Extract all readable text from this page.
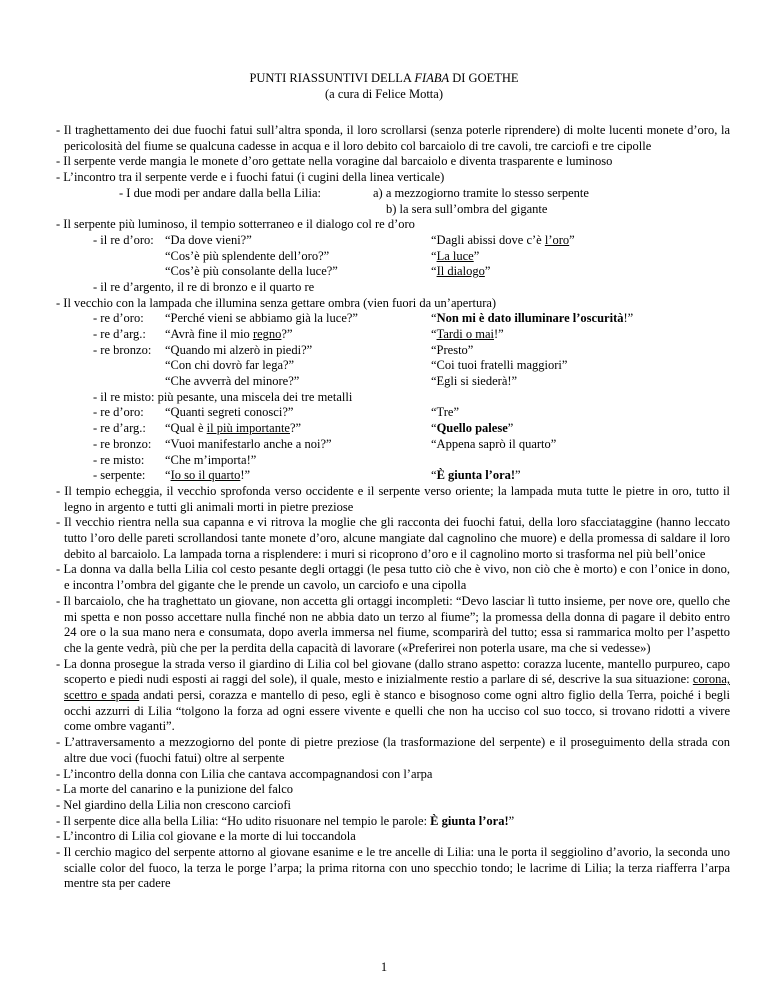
PUNTI RIASSUNTIVI DELLA FIABA DI GOETHE
(a cura di Felice Motta)

- Il traghettamento dei due fuochi fatui sull’altra sponda, il loro scrollarsi (senza poterle riprendere) di molte lucenti monete d’oro, la pericolosità del fiume se qualcuna cadesse in acqua e il loro debito col barcaiolo di tre cavoli, tre carciofi e tre cipolle

- Il serpente verde mangia le monete d’oro gettate nella voragine dal barcaiolo e diventa trasparente e luminoso

- L’incontro tra il serpente verde e i fuochi fatui (i cugini della linea verticale)

- I due modi per andare dalla bella Lilia:	a) a mezzogiorno tramite lo stesso serpente
b) la sera sull’ombra del gigante

- Il serpente più luminoso, il tempio sotterraneo e il dialogo col re d’oro

- il re d’oro: “Da dove vieni?”	“Dagli abissi dove c’è l’oro”
“Cos’è più splendente dell’oro?”	“La luce”
“Cos’è più consolante della luce?”	“Il dialogo”
- il re d’argento, il re di bronzo e il quarto re

- Il vecchio con la lampada che illumina senza gettare ombra (vien fuori da un’apertura)

- re d’oro: “Perché vieni se abbiamo già la luce?”	“Non mi è dato illuminare l’oscurità!”
- re d’arg.: “Avrà fine il mio regno?”	“Tardi o mai!”
- re bronzo: “Quando mi alzerò in piedi?”	“Presto”
“Con chi dovrò far lega?”	“Coi tuoi fratelli maggiori”
“Che avverrà del minore?”	“Egli si siederà!”
- il re misto: più pesante, una miscela dei tre metalli
- re d’oro: “Quanti segreti conosci?”	“Tre”
- re d’arg.: “Qual è il più importante?”	“Quello palese”
- re bronzo: “Vuoi manifestarlo anche a noi?”	“Appena saprò il quarto”
- re misto: “Che m’importa!”
- serpente: “Io so il quarto!”	“È giunta l’ora!”

- Il tempio echeggia, il vecchio sprofonda verso occidente e il serpente verso oriente; la lampada muta tutte le pietre in oro, tutto il legno in argento e tutti gli animali morti in pietre preziose

- Il vecchio rientra nella sua capanna e vi ritrova la moglie che gli racconta dei fuochi fatui, della loro sfacciataggine (hanno leccato tutto l’oro delle pareti scrollandosi tante monete d’oro, alcune mangiate dal cagnolino che muore) e della promessa di saldare il loro debito al barcaiolo. La lampada torna a risplendere: i muri si ricoprono d’oro e il cagnolino morto si trasforma nel più bell’onice

- La donna va dalla bella Lilia col cesto pesante degli ortaggi (le pesa tutto ciò che è vivo, non ciò che è morto) e con l’onice in dono, e incontra l’ombra del gigante che le prende un cavolo, un carciofo e una cipolla

- Il barcaiolo, che ha traghettato un giovane, non accetta gli ortaggi incompleti: “Devo lasciar lì tutto insieme, per nove ore, quello che mi spetta e non posso accettare nulla finché non ne abbia dato un terzo al fiume”; la promessa della donna di pagare il debito entro 24 ore o la sua mano nera e consumata, dopo averla immersa nel fiume, scomparirà del tutto; essa si rammarica molto per l’aspetto che la gente vedrà, più che per la perdita della capacità di lavorare («Preferirei non poterla usare, ma che si vedesse»)

- La donna prosegue la strada verso il giardino di Lilia col bel giovane (dallo strano aspetto: corazza lucente, mantello purpureo, capo scoperto e piedi nudi esposti ai raggi del sole), il quale, mesto e inizialmente restio a parlare di sé, descrive la sua situazione: corona, scettro e spada andati persi, corazza e mantello di peso, egli è stanco e bisognoso come ogni altro figlio della Terra, poiché i begli occhi azzurri di Lilia “tolgono la forza ad ogni essere vivente e quelli che non ha ucciso col suo tocco, si trovano ridotti a vivere come ombre vaganti”.

- L’attraversamento a mezzogiorno del ponte di pietre preziose (la trasformazione del serpente) e il proseguimento della strada con altre due voci (fuochi fatui) oltre al serpente

- L’incontro della donna con Lilia che cantava accompagnandosi con l’arpa

- La morte del canarino e la punizione del falco

- Nel giardino della Lilia non crescono carciofi

- Il serpente dice alla bella Lilia: “Ho udito risuonare nel tempio le parole: È giunta l’ora!”

- L’incontro di Lilia col giovane e la morte di lui toccandola

- Il cerchio magico del serpente attorno al giovane esanime e le tre ancelle di Lilia: una le porta il seggiolino d’avorio, la seconda uno scialle color del fuoco, la terza le porge l’arpa; la prima ritorna con uno specchio tondo; le lacrime di Lilia; la terza riafferra l’arpa mentre sta per cadere

1
